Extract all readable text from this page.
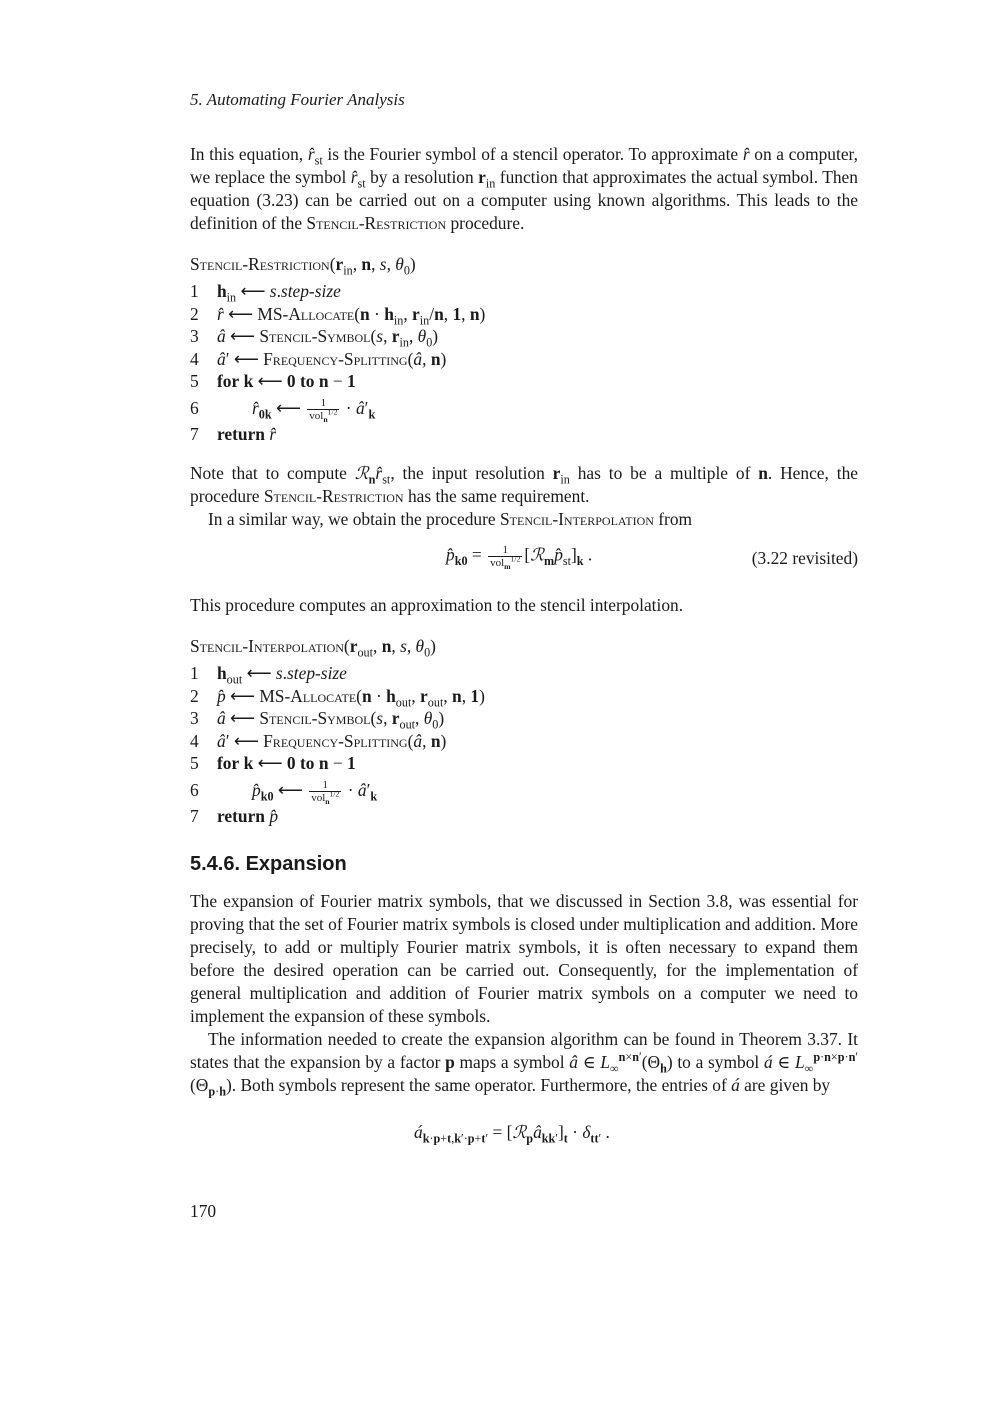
5. Automating Fourier Analysis
In this equation, $r̂_{st}$ is the Fourier symbol of a stencil operator. To approximate r̂ on a computer, we replace the symbol $r̂_{st}$ by a resolution $r_{in}$ function that approximates the actual symbol. Then equation (3.23) can be carried out on a computer using known algorithms. This leads to the definition of the Stencil-Restriction procedure.
Stencil-$Restriction(r_{in}$, n, s, $\theta_0$)
1	$h_{in}$ ⟵ s.step-size
2	r̂ ⟵ MS-Allocate(n · $h_{in}$, $r_{in}/n$, 1, n)
3	â ⟵ Stencil-Symbol(s, $r_{in}$, $\theta_0$)
4	â′ ⟵ Frequency-Splitting(â, n)
5	for k ⟵ 0 to n − 1
6	$r̂_{0k}$ ⟵ $\frac{1}{vol_n^{1/2}}$ · $â'_k$
7	return r̂
Note that to compute $ℛ_nr̂_{st}$, the input resolution $r_{in}$ has to be a multiple of n. Hence, the procedure Stencil-Restriction has the same requirement.
In a similar way, we obtain the procedure Stencil-Interpolation from
$p̂_{k0} = \frac{1}{vol_m^{1/2}}$ $[ℛ_mp̂_{st}]_k$ .	(3.22 revisited)
This procedure computes an approximation to the stencil interpolation.
Stencil-$Interpolation(r_{out}$, n, s, $\theta_0$)
1	$h_{out}$ ⟵ s.step-size
2	p̂ ⟵ MS-Allocate(n · $h_{out}$, $r_{out}$, n, 1)
3	â ⟵ Stencil-Symbol(s, $r_{out}$, $\theta_0$)
4	â′ ⟵ Frequency-Splitting(â, n)
5	for k ⟵ 0 to n − 1
6	$p̂_{k0}$ ⟵ $\frac{1}{vol_n^{1/2}}$ · $â'_k$
7	return p̂
5.4.6. Expansion
The expansion of Fourier matrix symbols, that we discussed in Section 3.8, was essential for proving that the set of Fourier matrix symbols is closed under multiplication and addition. More precisely, to add or multiply Fourier matrix symbols, it is often necessary to expand them before the desired operation can be carried out. Consequently, for the implementation of general multiplication and addition of Fourier matrix symbols on a computer we need to implement the expansion of these symbols.
The information needed to create the expansion algorithm can be found in Theorem 3.37. It states that the expansion by a factor p maps a symbol â ∈ $L_\infty^{n\times n'}(\Theta_h)$ to a symbol á ∈ $L_\infty^{p\cdot n\times p\cdot n'}(\Theta_{p\cdot h})$. Both symbols represent the same operator. Furthermore, the entries of á are given by
$á_{k\cdot p+t,k'\cdot p+t'}$ = $[ℛ_pâ_{kk'}]_t \cdot \delta_{tt'}$ .
170
